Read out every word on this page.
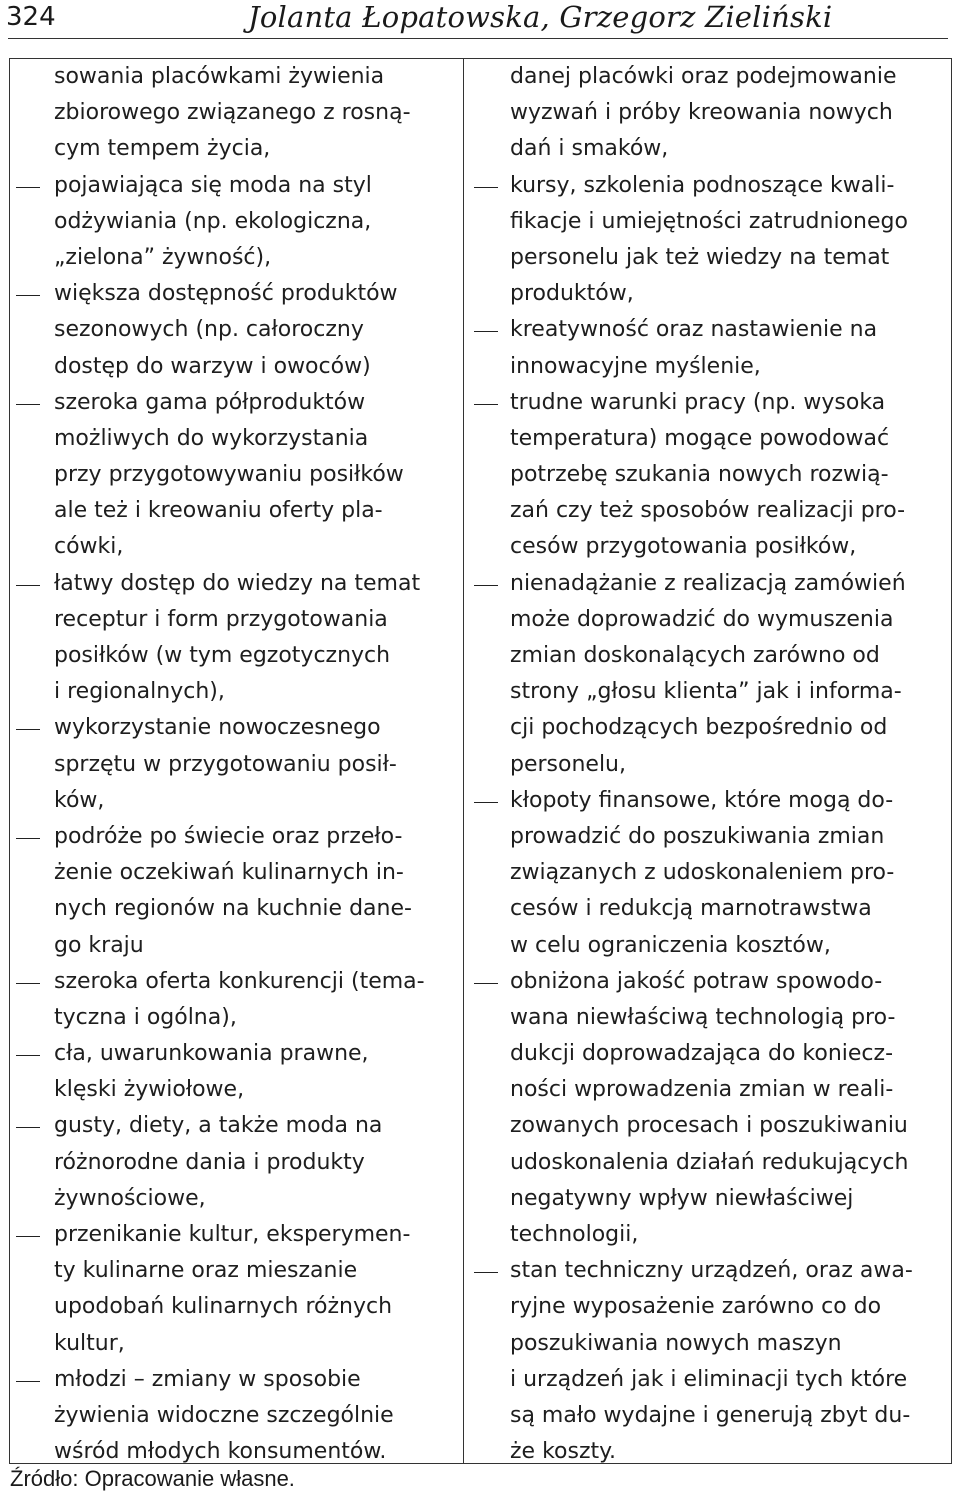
324	Jolanta Łopatowska, Grzegorz Zieliński
sowania placówkami żywienia
zbiorowego związanego z rosną-
cym tempem życia,
pojawiająca się moda na styl
odżywiania (np. ekologiczna,
„zielona” żywność),
większa dostępność produktów
sezonowych (np. całoroczny
dostęp do warzyw i owoców)
szeroka gama półproduktów
możliwych do wykorzystania
przy przygotowywaniu posiłków
ale też i kreowaniu oferty pla-
cówki,
łatwy dostęp do wiedzy na temat
receptur i form przygotowania
posiłków (w tym egzotycznych
i regionalnych),
wykorzystanie nowoczesnego
sprzętu w przygotowaniu posił-
ków,
podróże po świecie oraz przeło-
żenie oczekiwań kulinarnych in-
nych regionów na kuchnie dane-
go kraju
szeroka oferta konkurencji (tema-
tyczna i ogólna),
cła, uwarunkowania prawne,
klęski żywiołowe,
gusty, diety, a także moda na
różnorodne dania i produkty
żywnościowe,
przenikanie kultur, eksperymen-
ty kulinarne oraz mieszanie
upodobań kulinarnych różnych
kultur,
młodzi – zmiany w sposobie
żywienia widoczne szczególnie
wśród młodych konsumentów.
danej placówki oraz podejmowanie
wyzwań i próby kreowania nowych
dań i smaków,
kursy, szkolenia podnoszące kwali-
fikacje i umiejętności zatrudnionego
personelu jak też wiedzy na temat
produktów,
kreatywność oraz nastawienie na
innowacyjne myślenie,
trudne warunki pracy (np. wysoka
temperatura) mogące powodować
potrzebę szukania nowych rozwią-
zań czy też sposobów realizacji pro-
cesów przygotowania posiłków,
nienadążanie z realizacją zamówień
może doprowadzić do wymuszenia
zmian doskonalących zarówno od
strony „głosu klienta” jak i informa-
cji pochodzących bezpośrednio od
personelu,
kłopoty finansowe, które mogą do-
prowadzić do poszukiwania zmian
związanych z udoskonaleniem pro-
cesów i redukcją marnotrawstwa
w celu ograniczenia kosztów,
obniżona jakość potraw spowodo-
wana niewłaściwą technologią pro-
dukcji doprowadzająca do koniecz-
ności wprowadzenia zmian w reali-
zowanych procesach i poszukiwaniu
udoskonalenia działań redukujących
negatywny wpływ niewłaściwej
technologii,
stan techniczny urządzeń, oraz awa-
ryjne wyposażenie zarówno co do
poszukiwania nowych maszyn
i urządzeń jak i eliminacji tych które
są mało wydajne i generują zbyt du-
że koszty.
Źródło: Opracowanie własne.
